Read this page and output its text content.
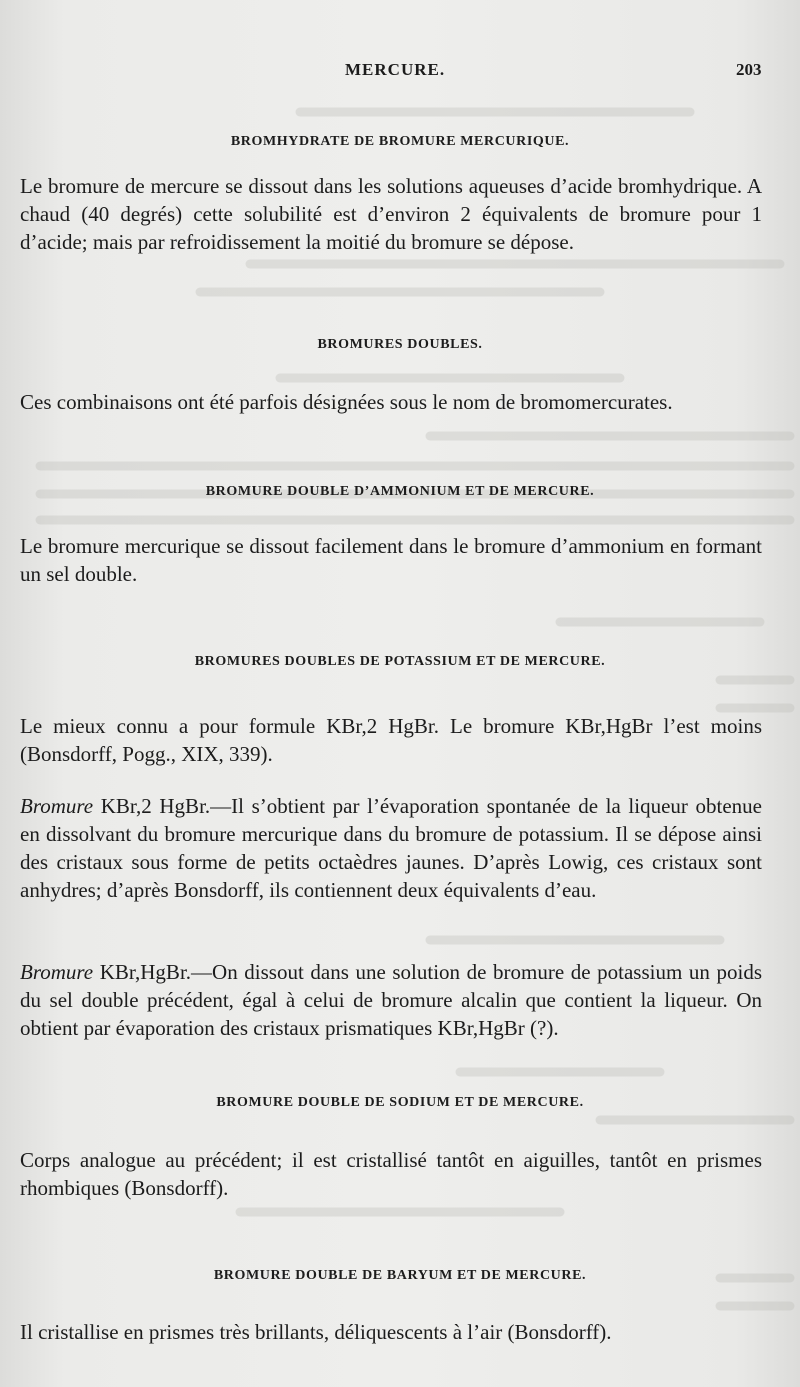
MERCURE.	203
BROMHYDRATE DE BROMURE MERCURIQUE.

Le bromure de mercure se dissout dans les solutions aqueuses d’acide bromhydrique. A chaud (40 degrés) cette solubilité est d’environ 2 équivalents de bromure pour 1 d’acide; mais par refroidissement la moitié du bromure se dépose.

BROMURES DOUBLES.

Ces combinaisons ont été parfois désignées sous le nom de bromomercurates.

BROMURE DOUBLE D’AMMONIUM ET DE MERCURE.

Le bromure mercurique se dissout facilement dans le bromure d’ammonium en formant un sel double.

BROMURES DOUBLES DE POTASSIUM ET DE MERCURE.

Le mieux connu a pour formule KBr,2 HgBr. Le bromure KBr,HgBr l’est moins (Bonsdorff, Pogg., XIX, 339).

Bromure KBr,2 HgBr.—Il s’obtient par l’évaporation spontanée de la liqueur obtenue en dissolvant du bromure mercurique dans du bromure de potassium. Il se dépose ainsi des cristaux sous forme de petits octaèdres jaunes. D’après Lowig, ces cristaux sont anhydres; d’après Bonsdorff, ils contiennent deux équivalents d’eau.

Bromure KBr,HgBr.—On dissout dans une solution de bromure de potassium un poids du sel double précédent, égal à celui de bromure alcalin que contient la liqueur. On obtient par évaporation des cristaux prismatiques KBr,HgBr (?).

BROMURE DOUBLE DE SODIUM ET DE MERCURE.

Corps analogue au précédent; il est cristallisé tantôt en aiguilles, tantôt en prismes rhombiques (Bonsdorff).

BROMURE DOUBLE DE BARYUM ET DE MERCURE.

Il cristallise en prismes très brillants, déliquescents à l’air (Bonsdorff).
